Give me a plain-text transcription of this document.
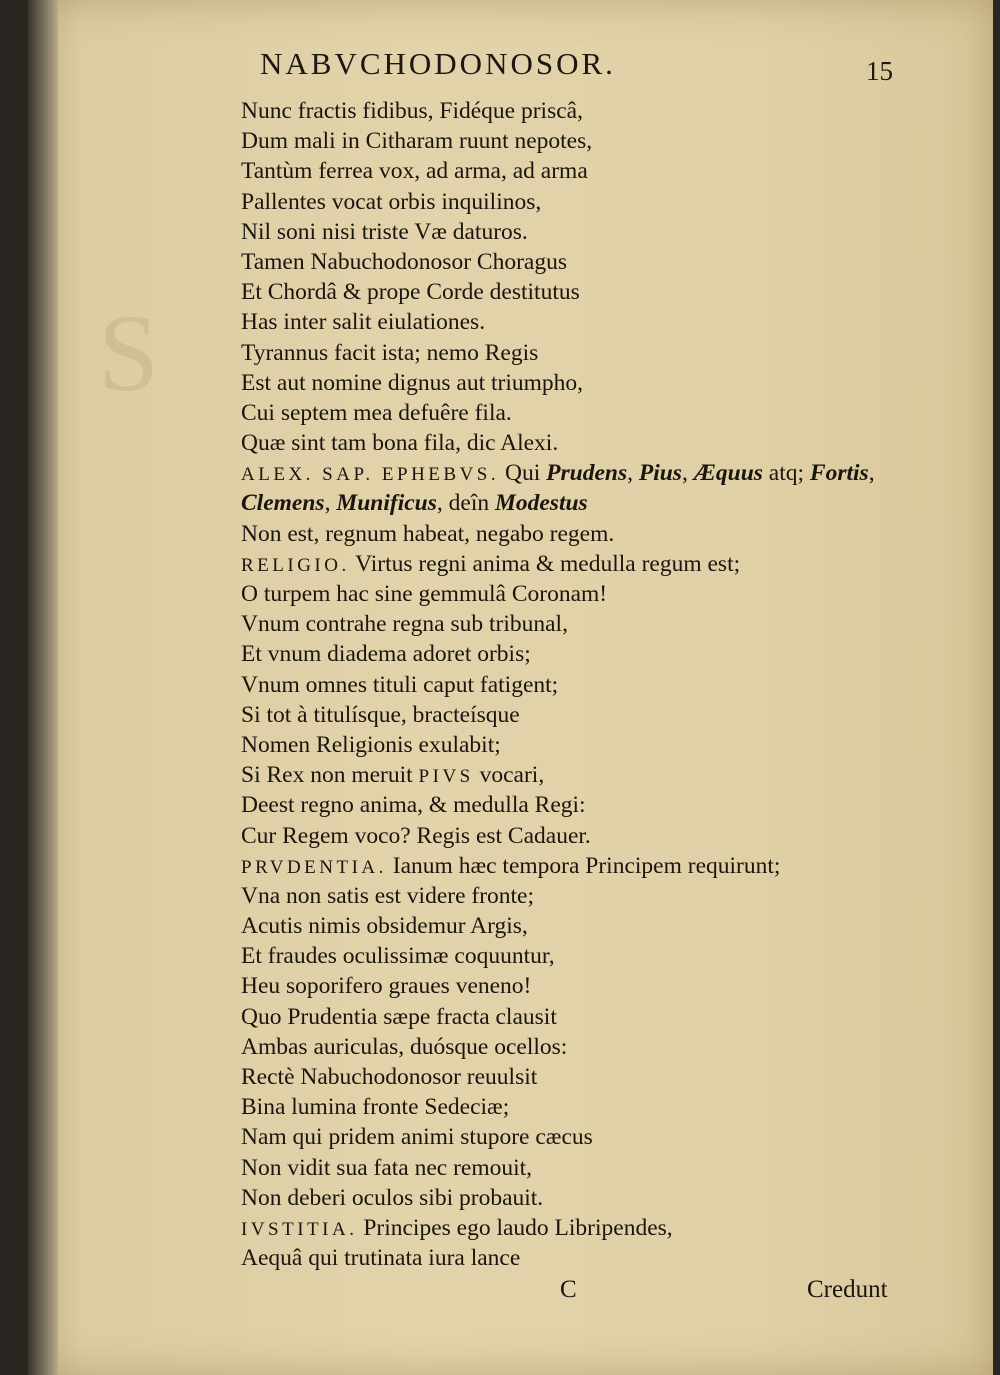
S
NABVCHODONOSOR.	15
Nunc fractis fidibus, Fidéque priscâ,
Dum mali in Citharam ruunt nepotes,
Tantùm ferrea vox, ad arma, ad arma
Pallentes vocat orbis inquilinos,
Nil soni nisi triste Væ daturos.
Tamen Nabuchodonosor Choragus
Et Chordâ & prope Corde destitutus
Has inter salit eiulationes.
Tyrannus facit ista; nemo Regis
Est aut nomine dignus aut triumpho,
Cui septem mea defuêre fila.
Quæ sint tam bona fila, dic Alexi.
ALEX. SAP. EPHEBVS. Qui Prudens, Pius, Æquus atq; Fortis,
Clemens, Munificus, deîn Modestus
Non est, regnum habeat, negabo regem.
RELIGIO. Virtus regni anima & medulla regum est;
O turpem hac sine gemmulâ Coronam!
Vnum contrahe regna sub tribunal,
Et vnum diadema adoret orbis;
Vnum omnes tituli caput fatigent;
Si tot à titulísque, bracteísque
Nomen Religionis exulabit;
Si Rex non meruit PIVS vocari,
Deest regno anima, & medulla Regi:
Cur Regem voco? Regis est Cadauer.
PRVDENTIA. Ianum hæc tempora Principem requirunt;
Vna non satis est videre fronte;
Acutis nimis obsidemur Argis,
Et fraudes oculissimæ coquuntur,
Heu soporifero graues veneno!
Quo Prudentia sæpe fracta clausit
Ambas auriculas, duósque ocellos:
Rectè Nabuchodonosor reuulsit
Bina lumina fronte Sedeciæ;
Nam qui pridem animi stupore cæcus
Non vidit sua fata nec remouit,
Non deberi oculos sibi probauit.
IVSTITIA. Principes ego laudo Libripendes,
Aequâ qui trutinata iura lance
C	Credunt
